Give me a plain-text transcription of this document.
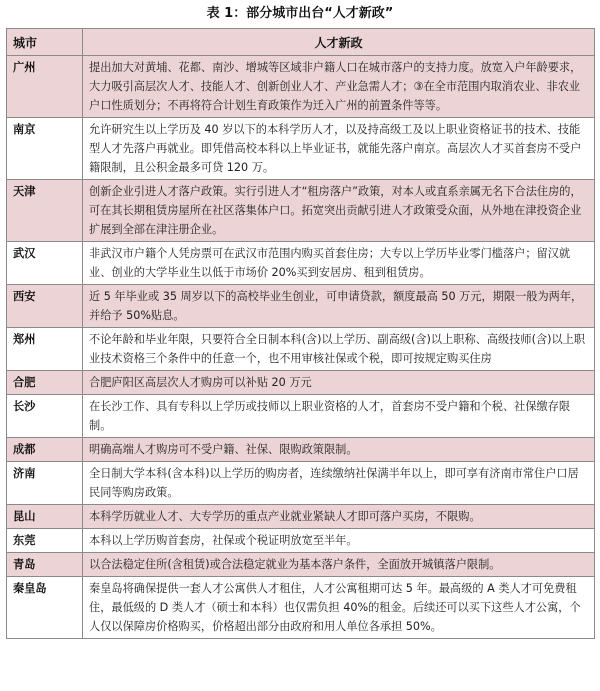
表 1：部分城市出台“人才新政”
城市	人才新政
广州	提出加大对黄埔、花都、南沙、增城等区域非户籍人口在城市落户的支持力度。放宽入户年龄要求，大力吸引高层次人才、技能人才、创新创业人才、产业急需人才；③在全市范围内取消农业、非农业户口性质划分；不再将符合计划生育政策作为迁入广州的前置条件等等。
南京	允许研究生以上学历及 40 岁以下的本科学历人才，以及持高级工及以上职业资格证书的技术、技能型人才先落户再就业。即凭借高校本科以上毕业证书，就能先落户南京。高层次人才买首套房不受户籍限制，且公积金最多可贷 120 万。
天津	创新企业引进人才落户政策。实行引进人才“租房落户”政策，对本人或直系亲属无名下合法住房的，可在其长期租赁房屋所在社区落集体户口。拓宽突出贡献引进人才政策受众面，从外地在津投资企业扩展到全部在津注册企业。
武汉	非武汉市户籍个人凭房票可在武汉市范围内购买首套住房；大专以上学历毕业零门槛落户；留汉就业、创业的大学毕业生以低于市场价 20%买到安居房、租到租赁房。
西安	近 5 年毕业或 35 周岁以下的高校毕业生创业，可申请贷款，额度最高 50 万元，期限一般为两年，并给予 50%贴息。
郑州	不论年龄和毕业年限，只要符合全日制本科(含)以上学历、副高级(含)以上职称、高级技师(含)以上职业技术资格三个条件中的任意一个，也不用审核社保或个税，即可按规定购买住房
合肥	合肥庐阳区高层次人才购房可以补贴 20 万元
长沙	在长沙工作、具有专科以上学历或技师以上职业资格的人才，首套房不受户籍和个税、社保缴存限制。
成都	明确高端人才购房可不受户籍、社保、限购政策限制。
济南	全日制大学本科(含本科)以上学历的购房者，连续缴纳社保满半年以上，即可享有济南市常住户口居民同等购房政策。
昆山	本科学历就业人才、大专学历的重点产业就业紧缺人才即可落户买房，不限购。
东莞	本科以上学历购首套房，社保或个税证明放宽至半年。
青岛	以合法稳定住所(含租赁)或合法稳定就业为基本落户条件，全面放开城镇落户限制。
秦皇岛	秦皇岛将确保提供一套人才公寓供人才租住，人才公寓租期可达 5 年。最高级的 A 类人才可免费租住，最低级的 D 类人才（硕士和本科）也仅需负担 40%的租金。后续还可以买下这些人才公寓，个人仅以保障房价格购买，价格超出部分由政府和用人单位各承担 50%。
